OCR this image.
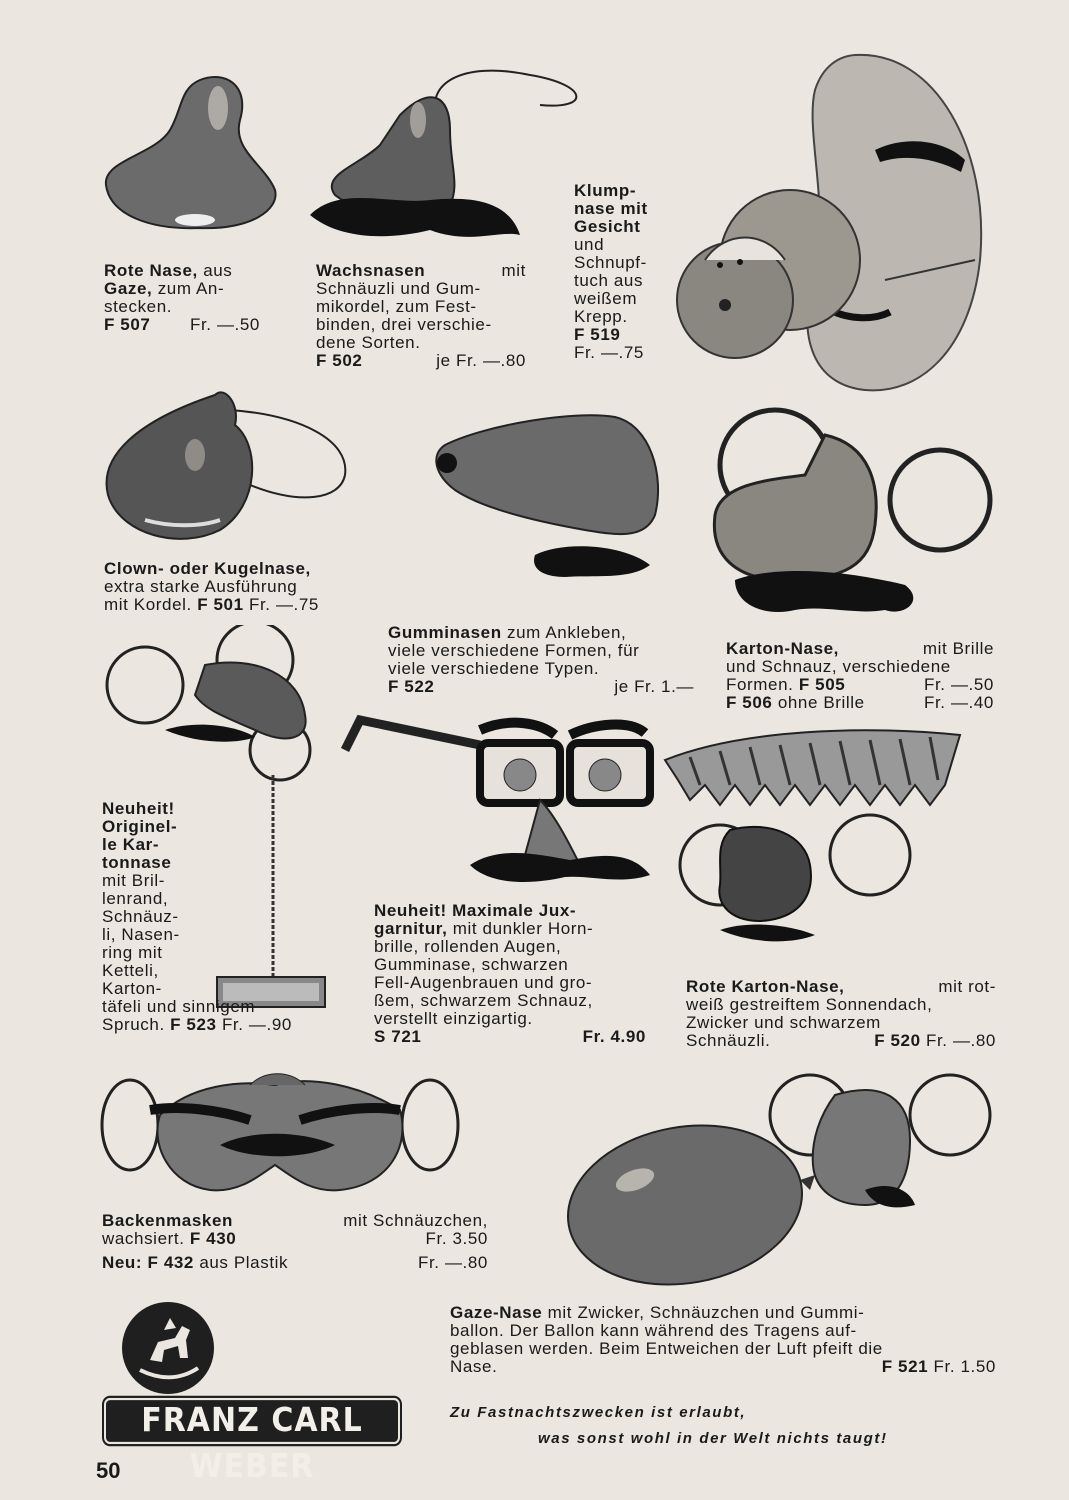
Rote Nase, aus

Gaze, zum An-

stecken.

F 507 Fr. —.50

Wachsnasen	mit

Schnäuzli und Gum-

mikordel, zum Fest-

binden, drei verschie-

dene Sorten.

F 502	je Fr. —.80

Klump-

nase mit

Gesicht

und

Schnupf-

tuch aus

weißem

Krepp.

F 519

Fr. —.75

Clown- oder Kugelnase,

extra starke Ausführung

mit Kordel. F 501 Fr. —.75

Gumminasen zum Ankleben,

viele verschiedene Formen, für

viele verschiedene Typen.

F 522	je Fr. 1.—

Karton-Nase,	mit Brille

und Schnauz, verschiedene

Formen. F 505	Fr. —.50

F 506 ohne Brille	Fr. —.40

Neuheit!

Originel-

le Kar-

tonnase

mit Bril-

lenrand,

Schnäuz-

li, Nasen-

ring mit

Ketteli,

Karton-

täfeli und sinnigem

Spruch. F 523 Fr. —.90

Neuheit! Maximale Jux-

garnitur, mit dunkler Horn-

brille, rollenden Augen,

Gumminase, schwarzen

Fell-Augenbrauen und gro-

ßem, schwarzem Schnauz,

verstellt einzigartig.

S 721	Fr. 4.90

Rote Karton-Nase,	mit rot-

weiß gestreiftem Sonnendach,

Zwicker und schwarzem

Schnäuzli.	F 520 Fr. —.80

Backenmasken	mit Schnäuzchen,

wachsiert. F 430	Fr. 3.50

Neu: F 432 aus Plastik	Fr. —.80

Gaze-Nase mit Zwicker, Schnäuzchen und Gummi-

ballon. Der Ballon kann während des Tragens auf-

geblasen werden. Beim Entweichen der Luft pfeift die

Nase.	F 521 Fr. 1.50

FRANZ CARL WEBER
Zu Fastnachtszwecken ist erlaubt,
was sonst wohl in der Welt nichts taugt!
50
